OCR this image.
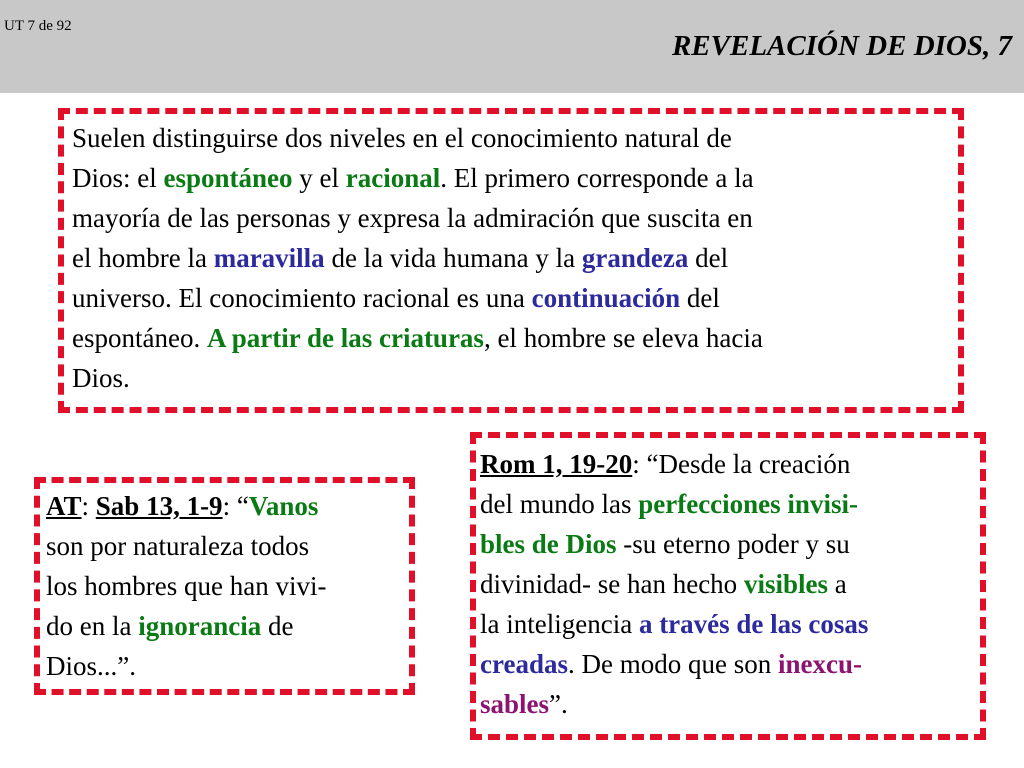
UT 7 de 92
REVELACIÓN DE DIOS, 7
Suelen distinguirse dos niveles en el conocimiento natural de
Dios: el espontáneo y el racional. El primero corresponde a la
mayoría de las personas y expresa la admiración que suscita en
el hombre la maravilla de la vida humana y la grandeza del
universo. El conocimiento racional es una continuación del
espontáneo. A partir de las criaturas, el hombre se eleva hacia
Dios.
AT: Sab 13, 1-9: “Vanos
son por naturaleza todos
los hombres que han vivi-
do en la ignorancia de
Dios...”.
Rom 1, 19-20: “Desde la creación
del mundo las perfecciones invisi-
bles de Dios -su eterno poder y su
divinidad- se han hecho visibles a
la inteligencia a través de las cosas
creadas. De modo que son inexcu-
sables”.
